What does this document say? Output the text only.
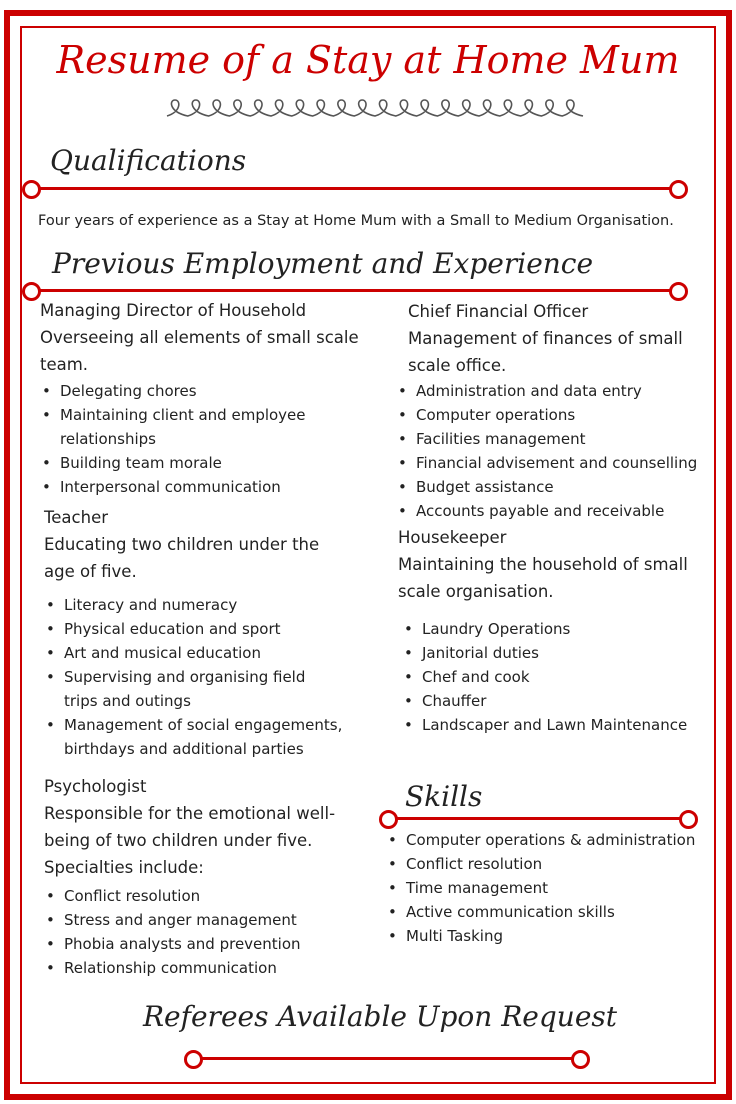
Resume of a Stay at Home Mum
Qualifications
Four years of experience as a Stay at Home Mum with a Small to Medium Organisation.
Previous Employment and Experience
Managing Director of Household
Overseeing all elements of small scale team.
• Delegating chores
• Maintaining client and employee relationships
• Building team morale
• Interpersonal communication
Teacher
Educating two children under the age of five.
• Literacy and numeracy
• Physical education and sport
• Art and musical education
• Supervising and organising field trips and outings
• Management of social engagements, birthdays and additional parties
Psychologist
Responsible for the emotional well-being of two children under five. Specialties include:
• Conflict resolution
• Stress and anger management
• Phobia analysts and prevention
• Relationship communication
Chief Financial Officer
Management of finances of small scale office.
• Administration and data entry
• Computer operations
• Facilities management
• Financial advisement and counselling
• Budget assistance
• Accounts payable and receivable
Housekeeper
Maintaining the household of small scale organisation.
• Laundry Operations
• Janitorial duties
• Chef and cook
• Chauffer
• Landscaper and Lawn Maintenance
Skills
• Computer operations & administration
• Conflict resolution
• Time management
• Active communication skills
• Multi Tasking
Referees Available Upon Request
